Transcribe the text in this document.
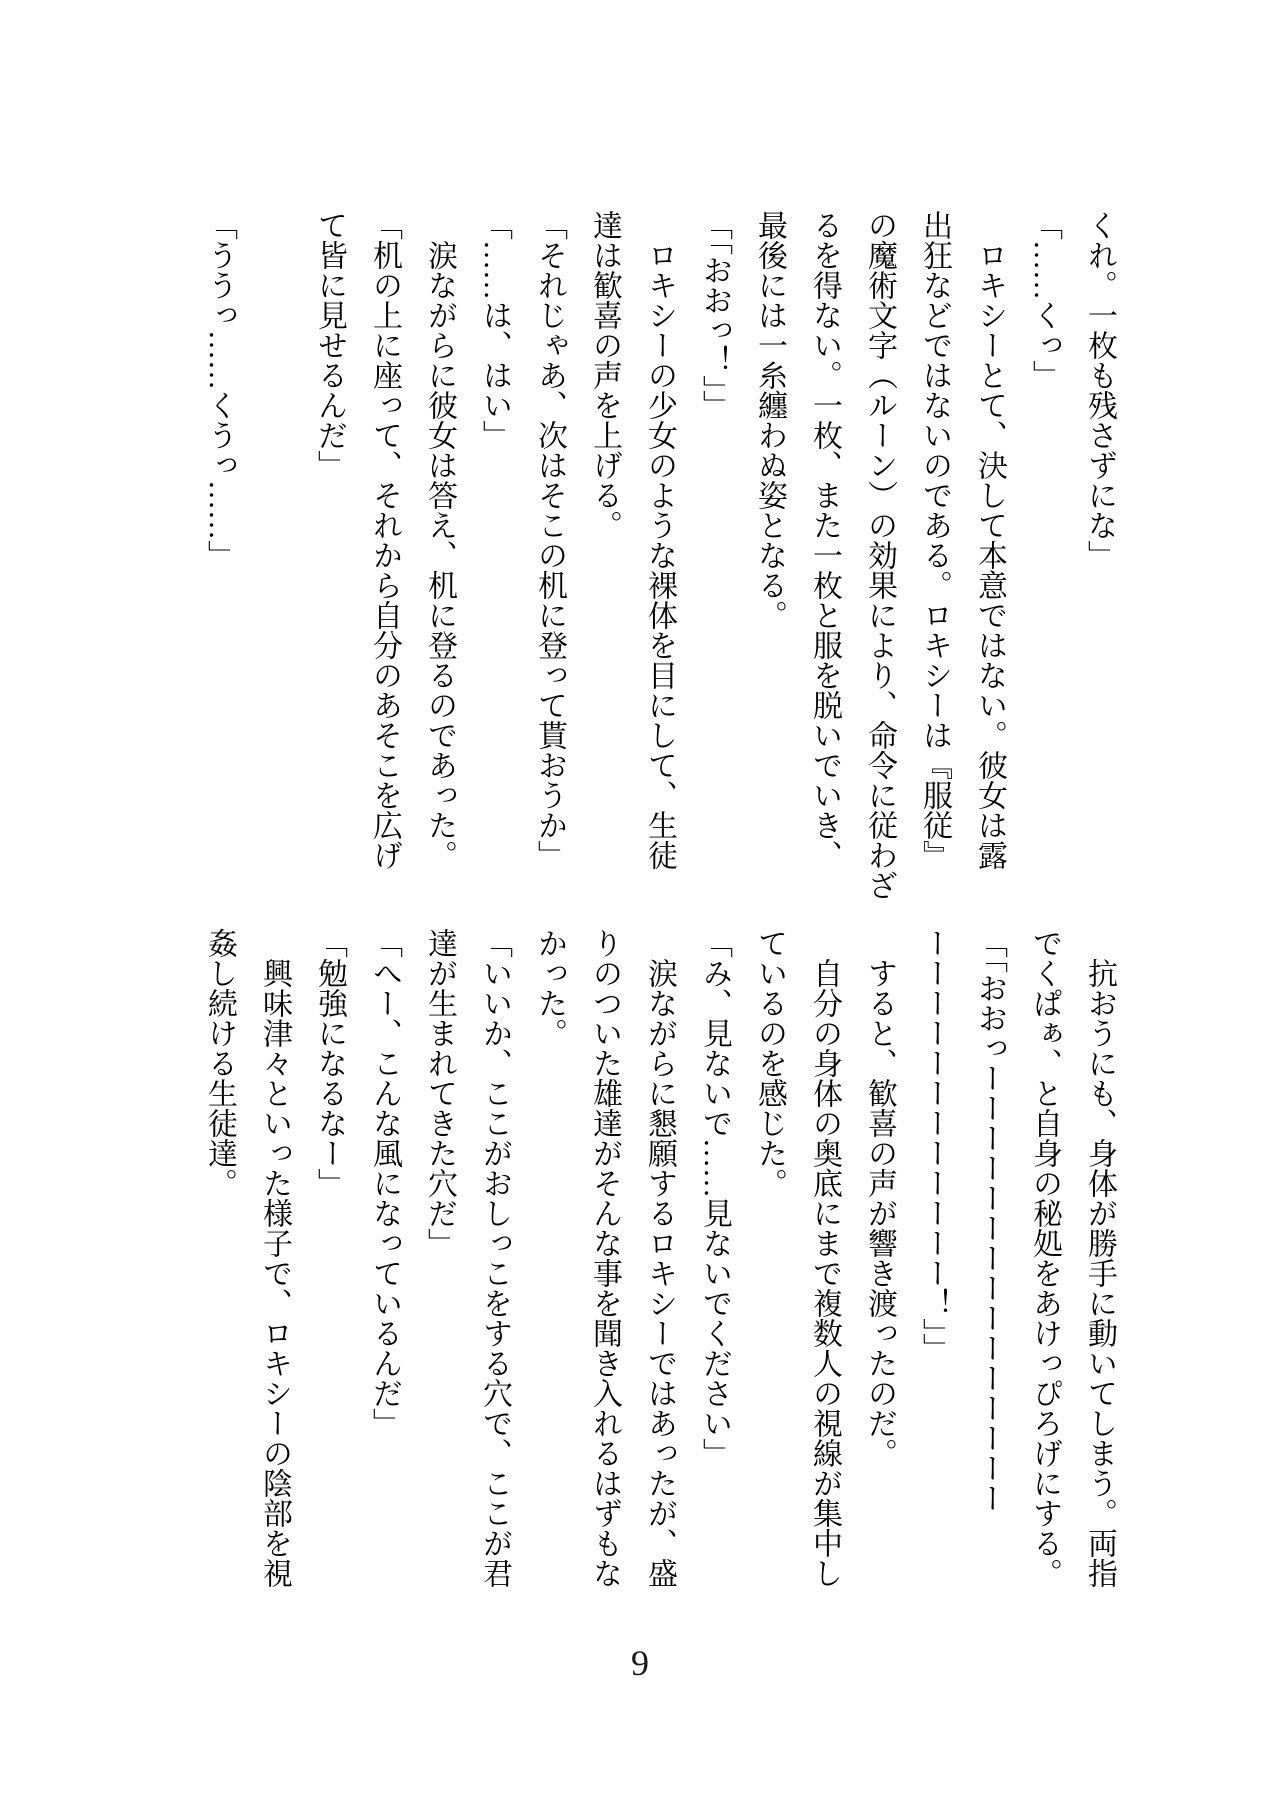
くれ。一枚も残さずにな」
「……くっ」
ロキシーとて、決して本意ではない。彼女は露
出狂などではないのである。ロキシーは『服従』
の魔術文字（ルーン）の効果により、命令に従わざ
るを得ない。一枚、また一枚と服を脱いでいき、
最後には一糸纏わぬ姿となる。
「「おおっ！」」
ロキシーの少女のような裸体を目にして、生徒
達は歓喜の声を上げる。
「それじゃあ、次はそこの机に登って貰おうか」
「……は、はい」
涙ながらに彼女は答え、机に登るのであった。
「机の上に座って、それから自分のあそこを広げ
て皆に見せるんだ」

「ううっ……くうっ……」
抗おうにも、身体が勝手に動いてしまう。両指
でくぱぁ、と自身の秘処をあけっぴろげにする。
「「おおっーーーーーーーーーーーーーーー
ーーーーーーーーーーーー！」」
すると、歓喜の声が響き渡ったのだ。
自分の身体の奥底にまで複数人の視線が集中し
ているのを感じた。
「み、見ないで……見ないでください」
涙ながらに懇願するロキシーではあったが、盛
りのついた雄達がそんな事を聞き入れるはずもな
かった。
「いいか、ここがおしっこをする穴で、ここが君
達が生まれてきた穴だ」
「へー、こんな風になっているんだ」
「勉強になるなー」
興味津々といった様子で、ロキシーの陰部を視
姦し続ける生徒達。
9
